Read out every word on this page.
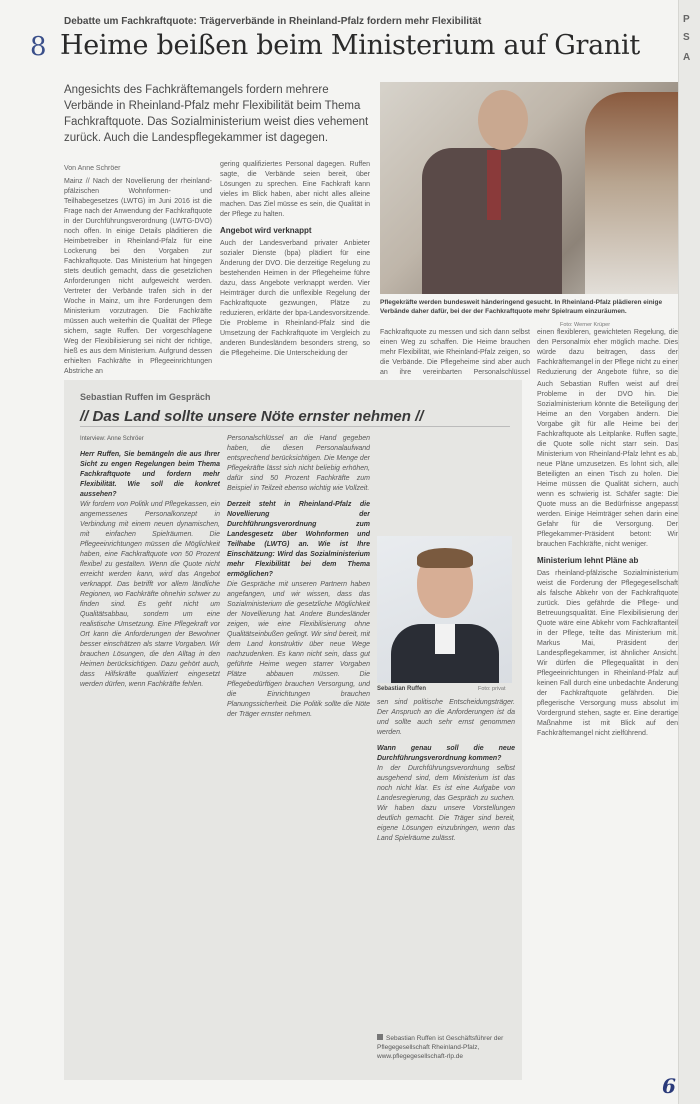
P
S
A
Debatte um Fachkraftquote: Trägerverbände in Rheinland-Pfalz fordern mehr Flexibilität
8 Heime beißen beim Ministerium auf Granit
Angesichts des Fachkräftemangels fordern mehrere Verbände in Rheinland-Pfalz mehr Flexibilität beim Thema Fachkraftquote. Das Sozialministerium weist dies vehement zurück. Auch die Landespflegekammer ist dagegen.
Von Anne Schröer

Mainz // Nach der Novellierung der rheinland-pfälzischen Wohnformen- und Teilhabegesetzes (LWTG) im Juni 2016 ist die Frage nach der Anwendung der Fachkraftquote in der Durchführungsverordnung (LWTG-DVO) noch offen. In einige Details pläditieren die Heimbetreiber in Rheinland-Pfalz für eine Lockerung bei den Vorgaben zur Fachkraftquote. Das Ministerium hat hingegen stets deutlich gemacht, dass die gesetzlichen Anforderungen nicht aufgeweicht werden. Vertreter der Verbände trafen sich in der Woche in Mainz, um ihre Forderungen dem Ministerium vorzutragen. Die Fachkräfte müssen auch weiterhin die Qualität der Pflege sichern, sagte Ruffen. Der vorgeschlagene Weg der Flexibilisierung sei nicht der richtige, hieß es aus dem Ministerium. Aufgrund dessen erhielten Fachkräfte in Pflegeeinrichtungen Abstriche an

gering qualifiziertes Personal dagegen. Ruffen sagte, die Verbände seien bereit, über Lösungen zu sprechen. Eine Fachkraft kann vieles im Blick haben, aber nicht alles alleine machen. Das Ziel müsse es sein, die Qualität in der Pflege zu halten.

Angebot wird verknappt

Auch der Landesverband privater Anbieter sozialer Dienste (bpa) plädiert für eine Änderung der DVO. Die derzeitige Regelung zu bestehenden Heimen in der Pflegeheime führe dazu, dass Angebote verknappt werden. Vier Heimträger durch die unflexible Regelung der Fachkraftquote gezwungen, Plätze zu reduzieren, erklärte der bpa-Landesvorsitzende. Die Probleme in Rheinland-Pfalz sind die Umsetzung der Fachkraftquote im Vergleich zu anderen Bundesländern besonders streng, so die Pflegeheime. Die Unterscheidung der

Pflegekräfte werden bundesweit händeringend gesucht. In Rheinland-Pfalz plädieren einige Verbände daher dafür, bei der der Fachkraftquote mehr Spielraum einzuräumen.
Foto: Werner Krüper

Fachkraftquote zu messen und sich dann selbst einen Weg zu schaffen. Die Heime brauchen mehr Flexibilität, wie Rheinland-Pfalz zeigen, so die Verbände. Die Pflegeheime sind aber auch an ihre vereinbarten Personalschlüssel

einen flexibleren, gewichteten Regelung, die den Personalmix eher möglich mache. Dies würde dazu beitragen, dass der Fachkräftemangel in der Pflege nicht zu einer Reduzierung der Angebote führe, so die

Auch Sebastian Ruffen weist auf drei Probleme in der DVO hin. Die Sozialministerium könnte die Beteiligung der Heime an den Vorgaben ändern. Die Vorgabe gilt für alle Heime bei der Fachkraftquote als Leitplanke. Ruffen sagte, die Quote solle nicht starr sein. Das Ministerium von Rheinland-Pfalz lehnt es ab, neue Pläne umzusetzen. Es lohnt sich, alle Beteiligten an einen Tisch zu holen. Die Heime müssen die Qualität sichern, auch wenn es schwierig ist. Schäfer sagte: Die Quote muss an die Bedürfnisse angepasst werden. Einige Heimträger sehen darin eine Gefahr für die Versorgung. Der Pflegekammer-Präsident betont: Wir brauchen Fachkräfte, nicht weniger.

Ministerium lehnt Pläne ab

Das rheinland-pfälzische Sozialministerium weist die Forderung der Pflegegesellschaft als falsche Abkehr von der Fachkraftquote zurück. Dies gefährde die Pflege- und Betreuungsqualität. Eine Flexibilisierung der Quote wäre eine Abkehr vom Fachkraftanteil in der Pflege, teilte das Ministerium mit. Markus Mai, Präsident der Landespflegekammer, ist ähnlicher Ansicht. Wir dürfen die Pflegequalität in den Pflegeeinrichtungen in Rheinland-Pfalz auf keinen Fall durch eine unbedachte Änderung der Fachkraftquote gefährden. Die pflegerische Versorgung muss absolut im Vordergrund stehen, sagte er. Eine derartige Maßnahme ist mit Blick auf den Fachkräftemangel nicht zielführend.

Sebastian Ruffen im Gespräch
// Das Land sollte unsere Nöte ernster nehmen //

Interview: Anne Schröer

Herr Ruffen, Sie bemängeln die aus Ihrer Sicht zu engen Regelungen beim Thema Fachkraftquote und fordern mehr Flexibilität. Wie soll die konkret aussehen?

Wir fordern von Politik und Pflegekassen, ein angemessenes Personalkonzept in Verbindung mit einem neuen dynamischen, mit einfachen Spielräumen. Die Pflegeeinrichtungen müssen die Möglichkeit haben, eine Fachkraftquote von 50 Prozent flexibel zu gestalten. Wenn die Quote nicht erreicht werden kann, wird das Angebot verknappt. Das betrifft vor allem ländliche Regionen, wo Fachkräfte ohnehin schwer zu finden sind. Es geht nicht um Qualitätsabbau, sondern um eine realistische Umsetzung. Eine Pflegekraft vor Ort kann die Anforderungen der Bewohner besser einschätzen als starre Vorgaben. Wir brauchen Lösungen, die den Alltag in den Heimen berücksichtigen. Dazu gehört auch, dass Hilfskräfte qualifiziert eingesetzt werden dürfen, wenn Fachkräfte fehlen.

Personalschlüssel an die Hand gegeben haben, die diesen Personalaufwand entsprechend berücksichtigen. Die Menge der Pflegekräfte lässt sich nicht beliebig erhöhen, dafür sind 50 Prozent Fachkräfte zum Beispiel in Teilzeit ebenso wichtig wie Vollzeit.

Derzeit steht in Rheinland-Pfalz die Novellierung der Durchführungsverordnung zum Landesgesetz über Wohnformen und Teilhabe (LWTG) an. Wie ist Ihre Einschätzung: Wird das Sozialministerium mehr Flexibilität bei dem Thema ermöglichen?

Die Gespräche mit unseren Partnern haben angefangen, und wir wissen, dass das Sozialministerium die gesetzliche Möglichkeit der Novellierung hat. Andere Bundesländer zeigen, wie eine Flexibilisierung ohne Qualitätseinbußen gelingt. Wir sind bereit, mit dem Land konstruktiv über neue Wege nachzudenken. Es kann nicht sein, dass gut geführte Heime wegen starrer Vorgaben Plätze abbauen müssen. Die Pflegebedürftigen brauchen Versorgung, und die Einrichtungen brauchen Planungssicherheit. Die Politik sollte die Nöte der Träger ernster nehmen.

Sebastian Ruffen	Foto: privat

sen sind politische Entscheidungsträger. Der Anspruch an die Anforderungen ist da und sollte auch sehr ernst genommen werden.

Wann genau soll die neue Durchführungsverordnung kommen?

In der Durchführungsverordnung selbst ausgehend sind, dem Ministerium ist das noch nicht klar. Es ist eine Aufgabe von Landesregierung, das Gespräch zu suchen. Wir haben dazu unsere Vorstellungen deutlich gemacht. Die Träger sind bereit, eigene Lösungen einzubringen, wenn das Land Spielräume zulässt.

Sebastian Ruffen ist Geschäftsführer der Pflegegesellschaft Rheinland-Pfalz, www.pflegegesellschaft-rlp.de
6
